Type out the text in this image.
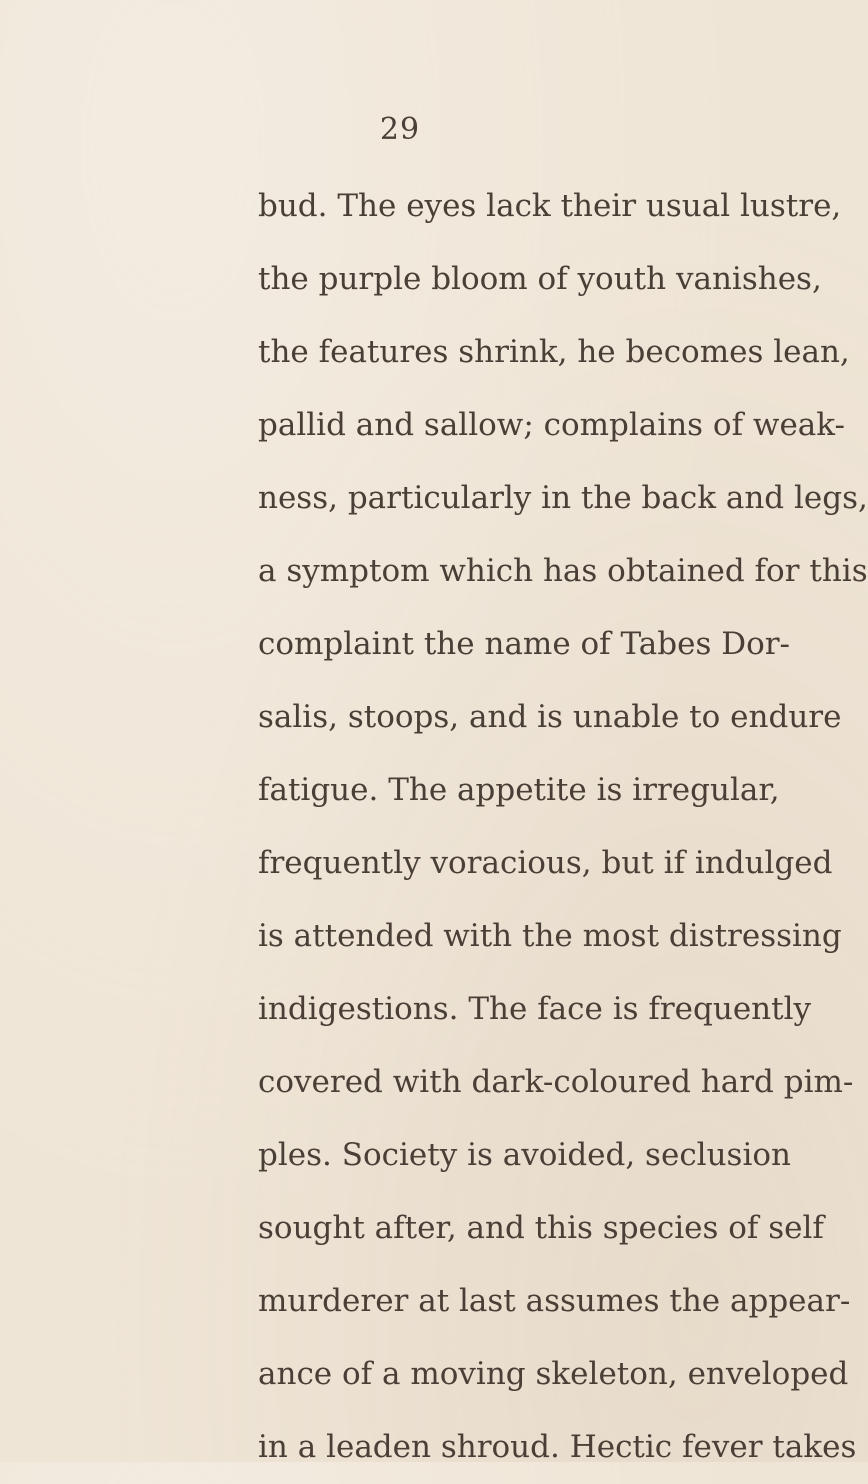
29
bud. The eyes lack their usual lustre,
the purple bloom of youth vanishes,
the features shrink, he becomes lean,
pallid and sallow; complains of weak-
ness, particularly in the back and legs,
a symptom which has obtained for this
complaint the name of Tabes Dor-
salis, stoops, and is unable to endure
fatigue. The appetite is irregular,
frequently voracious, but if indulged
is attended with the most distressing
indigestions. The face is frequently
covered with dark-coloured hard pim-
ples. Society is avoided, seclusion
sought after, and this species of self
murderer at last assumes the appear-
ance of a moving skeleton, enveloped
in a leaden shroud. Hectic fever takes
